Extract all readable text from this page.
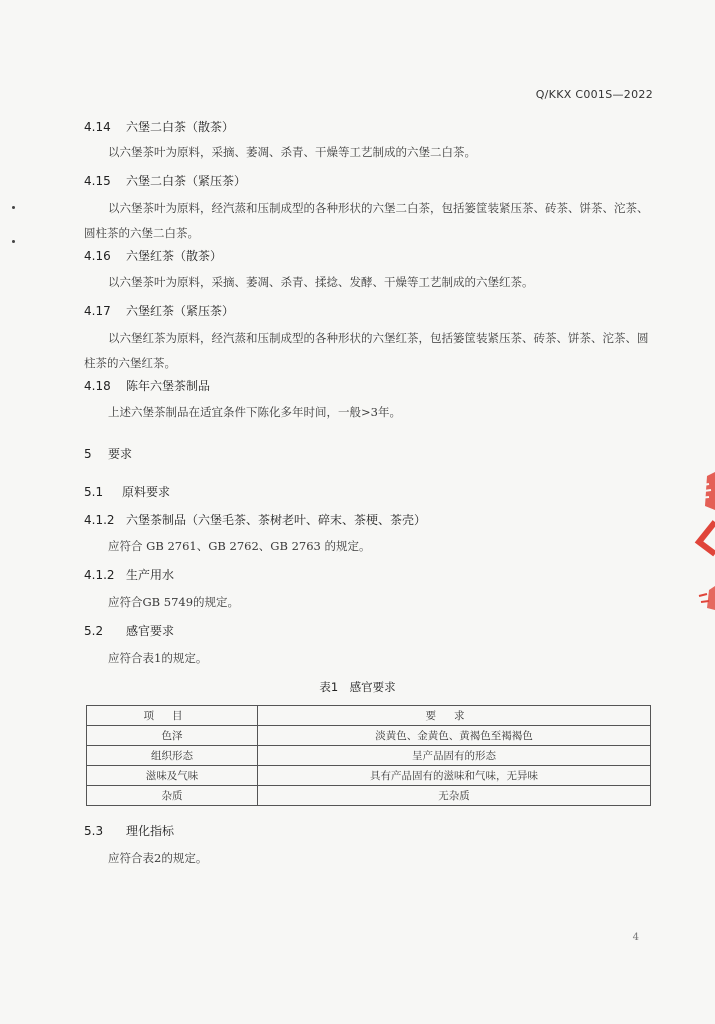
Q/KKX C001S—2022
4.14 六堡二白茶（散茶）
以六堡茶叶为原料，采摘、萎凋、杀青、干燥等工艺制成的六堡二白茶。
4.15 六堡二白茶（紧压茶）
以六堡茶叶为原料，经汽蒸和压制成型的各种形状的六堡二白茶，包括篓筐装紧压茶、砖茶、饼茶、沱茶、圆柱茶的六堡二白茶。
4.16 六堡红茶（散茶）
以六堡茶叶为原料，采摘、萎凋、杀青、揉捻、发酵、干燥等工艺制成的六堡红茶。
4.17 六堡红茶（紧压茶）
以六堡红茶为原料，经汽蒸和压制成型的各种形状的六堡红茶，包括篓筐装紧压茶、砖茶、饼茶、沱茶、圆柱茶的六堡红茶。
4.18 陈年六堡茶制品
上述六堡茶制品在适宜条件下陈化多年时间，一般>3年。
5 要求
5.1 原料要求
4.1.2 六堡茶制品（六堡毛茶、茶树老叶、碎末、茶梗、茶壳）
应符合 GB 2761、GB 2762、GB 2763 的规定。
4.1.2 生产用水
应符合GB 5749的规定。
5.2 感官要求
应符合表1的规定。
表1　感官要求
项目	要求
色泽	淡黄色、金黄色、黄褐色至褐褐色
组织形态	呈产品固有的形态
滋味及气味	具有产品固有的滋味和气味，无异味
杂质	无杂质
5.3 理化指标
应符合表2的规定。
4
